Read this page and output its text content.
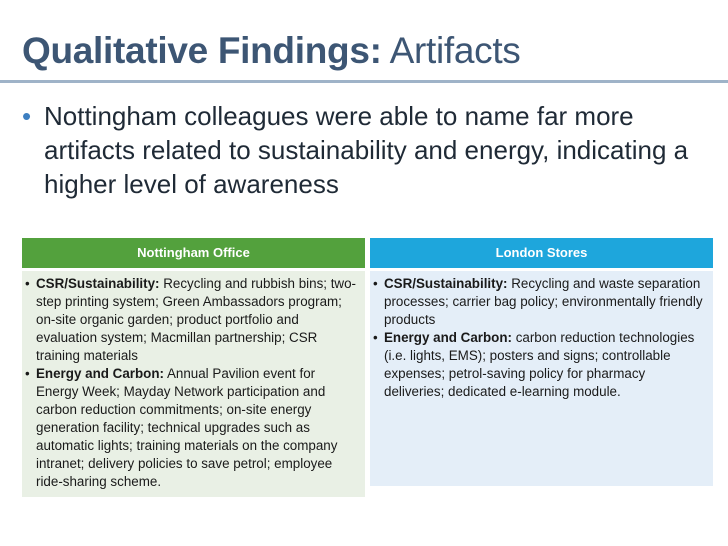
Qualitative Findings: Artifacts

• Nottingham colleagues were able to name far more artifacts related to sustainability and energy, indicating a higher level of awareness

Nottingham Office
• CSR/Sustainability: Recycling and rubbish bins; two-step printing system; Green Ambassadors program; on-site organic garden; product portfolio and evaluation system; Macmillan partnership; CSR training materials
• Energy and Carbon: Annual Pavilion event for Energy Week; Mayday Network participation and carbon reduction commitments; on-site energy generation facility; technical upgrades such as automatic lights; training materials on the company intranet; delivery policies to save petrol; employee ride-sharing scheme.
London Stores
• CSR/Sustainability: Recycling and waste separation processes; carrier bag policy; environmentally friendly products
• Energy and Carbon: carbon reduction technologies (i.e. lights, EMS); posters and signs; controllable expenses; petrol-saving policy for pharmacy deliveries; dedicated e-learning module.
